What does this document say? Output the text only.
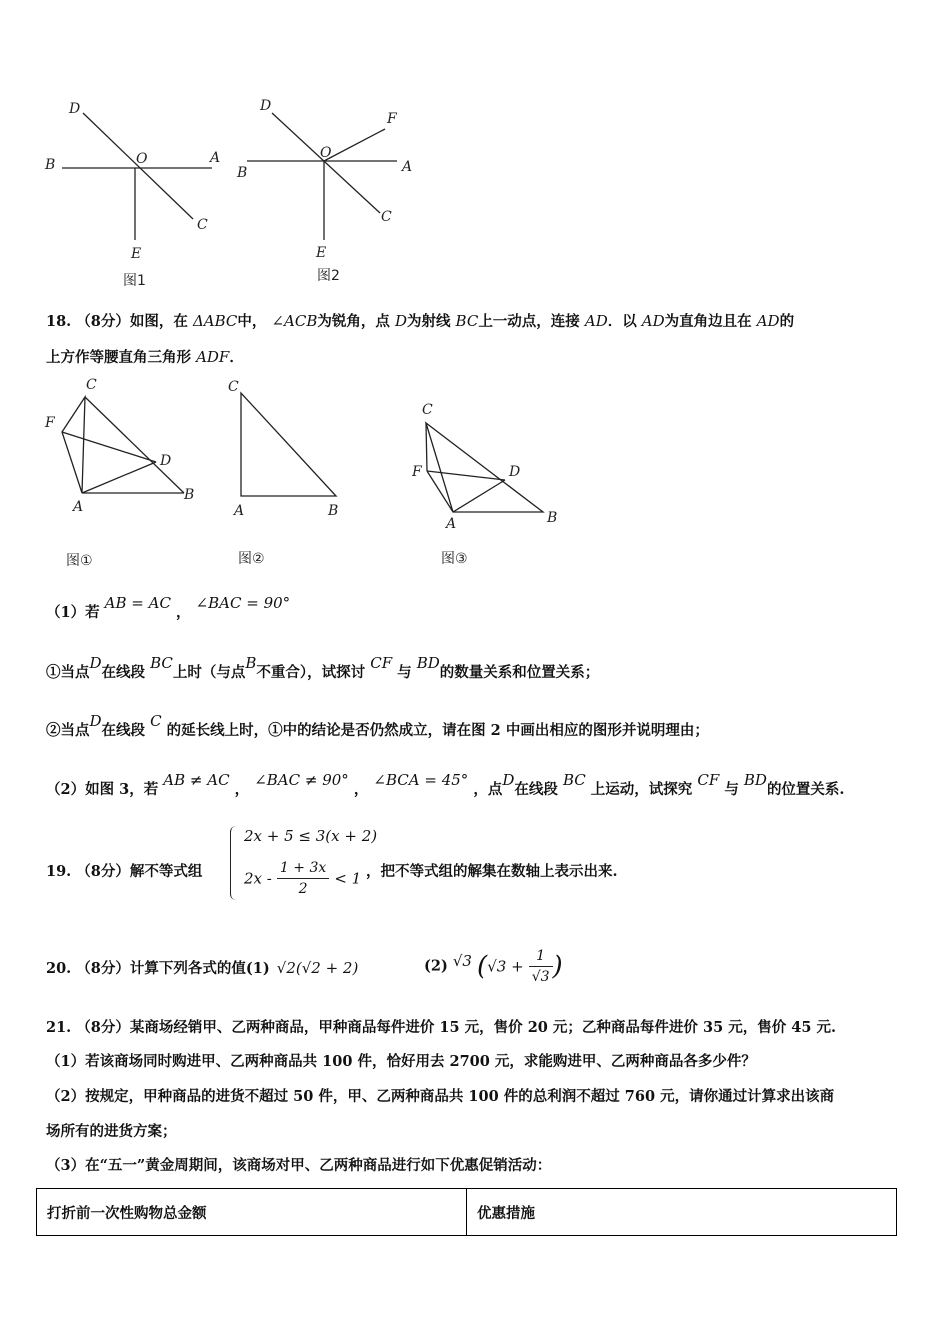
D
B	O	A
C
E
图1
D
F
O
B	A
C
E
图2
18. （8分）如图，在 ΔABC中， ∠ACB为锐角，点 D为射线 BC上一动点，连接 AD．以 AD为直角边且在 AD的
上方作等腰直角三角形 ADF．
C
F
D
A
B
图①
C
A	B
图②
C
F	D
A	B
图③
（1）若 AB = AC ， ∠BAC = 90°
①当点D在线段 BC上时（与点B不重合），试探讨 CF 与 BD的数量关系和位置关系；
②当点D在线段 C 的延长线上时，①中的结论是否仍然成立，请在图 2 中画出相应的图形并说明理由；
（2）如图 3，若 AB ≠ AC ， ∠BAC ≠ 90° ， ∠BCA = 45° ，点D在线段 BC 上运动，试探究 CF 与 BD的位置关系.
19. （8分）解不等式组
2x + 5 ≤ 3(x + 2)
$2x - \frac{1 + 3x}{2} < 1$ ，把不等式组的解集在数轴上表示出来.
20. （8分）计算下列各式的值(1) √2(√2 + 2)	(2) √3 ($√3 + \frac{1}{√3}$ )
21. （8分）某商场经销甲、乙两种商品，甲种商品每件进价 15 元，售价 20 元；乙种商品每件进价 35 元，售价 45 元.
（1）若该商场同时购进甲、乙两种商品共 100 件，恰好用去 2700 元，求能购进甲、乙两种商品各多少件？
（2）按规定，甲种商品的进货不超过 50 件，甲、乙两种商品共 100 件的总利润不超过 760 元，请你通过计算求出该商
场所有的进货方案；
（3）在“五一”黄金周期间，该商场对甲、乙两种商品进行如下优惠促销活动：
打折前一次性购物总金额	优惠措施
